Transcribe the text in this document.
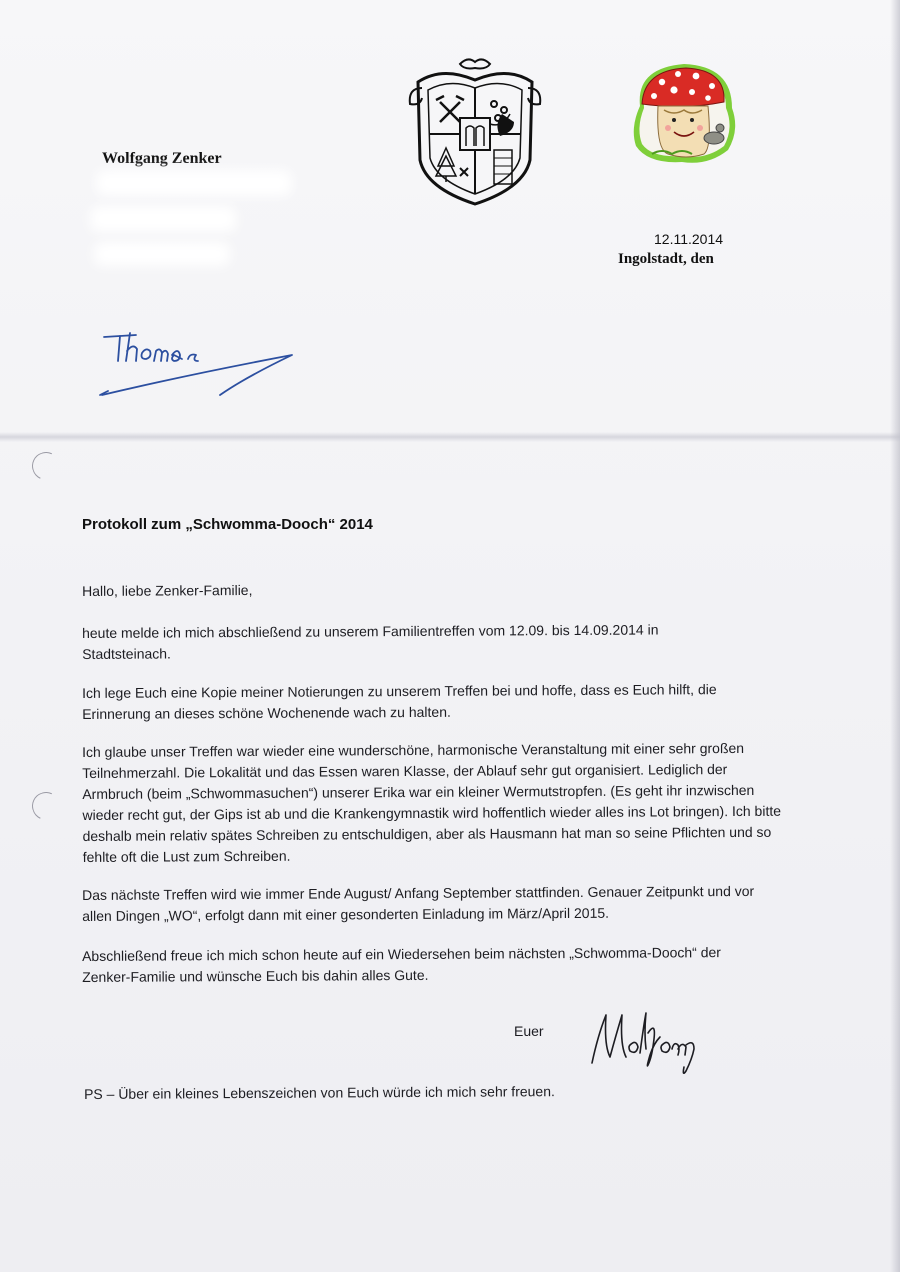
Wolfgang Zenker
12.11.2014
Ingolstadt, den
Protokoll zum „Schwomma-Dooch“ 2014
Hallo, liebe Zenker-Familie,
heute melde ich mich abschließend zu unserem Familientreffen vom 12.09. bis 14.09.2014 in Stadtsteinach.
Ich lege Euch eine Kopie meiner Notierungen zu unserem Treffen bei und hoffe, dass es Euch hilft, die Erinnerung an dieses schöne Wochenende wach zu halten.
Ich glaube unser Treffen war wieder eine wunderschöne, harmonische Veranstaltung mit einer sehr großen Teilnehmerzahl. Die Lokalität und das Essen waren Klasse, der Ablauf sehr gut organisiert. Lediglich der Armbruch (beim „Schwommasuchen“) unserer Erika war ein kleiner Wermutstropfen. (Es geht ihr inzwischen wieder recht gut, der Gips ist ab und die Krankengymnastik wird hoffentlich wieder alles ins Lot bringen). Ich bitte deshalb mein relativ spätes Schreiben zu entschuldigen, aber als Hausmann hat man so seine Pflichten und so fehlte oft die Lust zum Schreiben.
Das nächste Treffen wird wie immer Ende August/ Anfang September stattfinden. Genauer Zeitpunkt und vor allen Dingen „WO“, erfolgt dann mit einer gesonderten Einladung im März/April 2015.
Abschließend freue ich mich schon heute auf ein Wiedersehen beim nächsten „Schwomma-Dooch“ der Zenker-Familie und wünsche Euch bis dahin alles Gute.
Euer
PS – Über ein kleines Lebenszeichen von Euch würde ich mich sehr freuen.
